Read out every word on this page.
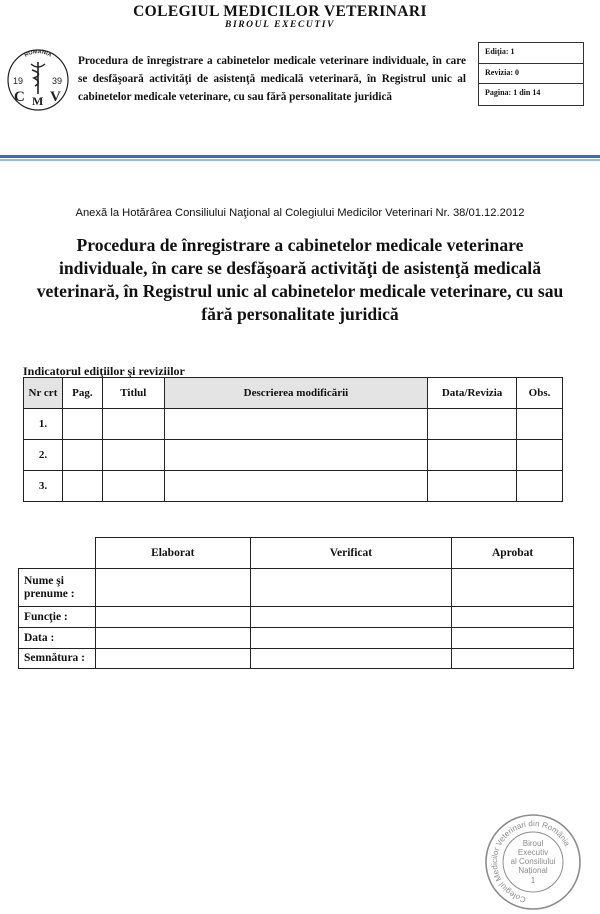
COLEGIUL MEDICILOR VETERINARI
BIROUL EXECUTIV
ROMANIA
19	39
C M V
Procedura de înregistrare a cabinetelor medicale veterinare individuale, în care se desfăşoară activităţi de asistenţă medicală veterinară, în Registrul unic al cabinetelor medicale veterinare, cu sau fără personalitate juridică
Ediţia: 1
Revizia: 0
Pagina: 1 din 14
Anexă la Hotărârea Consiliului Naţional al Colegiului Medicilor Veterinari Nr. 38/01.12.2012
Procedura de înregistrare a cabinetelor medicale veterinare
individuale, în care se desfăşoară activităţi de asistenţă medicală
veterinară, în Registrul unic al cabinetelor medicale veterinare, cu sau
fără personalitate juridică
Indicatorul ediţiilor şi reviziilor
Nr crt	Pag.	Titlul	Descrierea modificării	Data/Revizia	Obs.
1.					
2.					
3.					
	Elaborat	Verificat	Aprobat
Nume şi prenume :			
Funcţie :			
Data :			
Semnătura :			
Colegiul Medicilor Veterinari din România
Biroul
Executiv
al Consiliului
Naţional
1
